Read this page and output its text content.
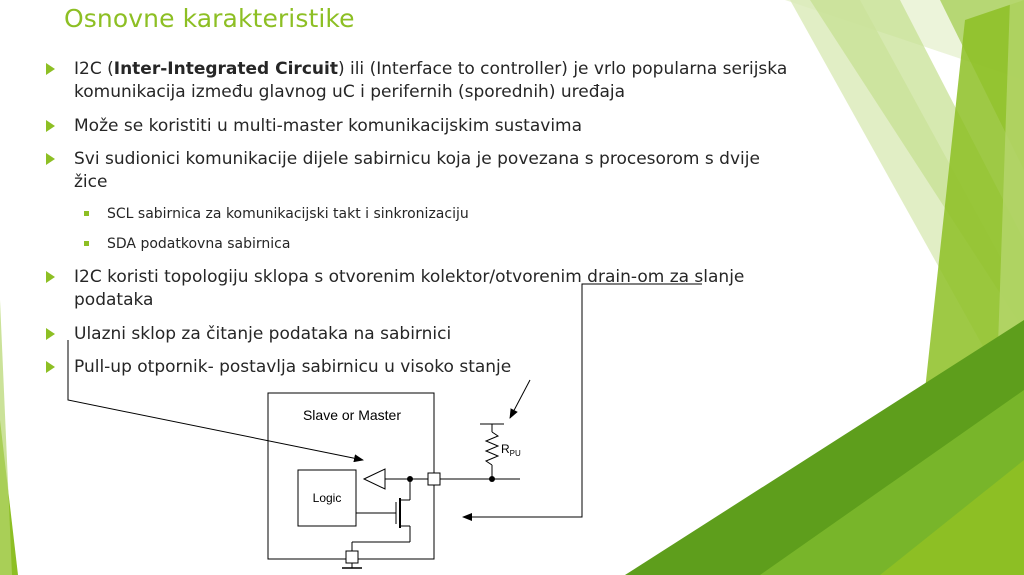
Osnovne karakteristike
I2C (Inter-Integrated Circuit) ili (Interface to controller) je vrlo popularna serijska komunikacija između glavnog uC i perifernih (sporednih) uređaja
Može se koristiti u multi-master komunikacijskim sustavima
Svi sudionici komunikacije dijele sabirnicu koja je povezana s procesorom s dvije žice
SCL sabirnica za komunikacijski takt i sinkronizaciju
SDA podatkovna sabirnica
I2C koristi topologiju sklopa s otvorenim kolektor/otvorenim drain-om za slanje podataka
Ulazni sklop za čitanje podataka na sabirnici
Pull-up otpornik- postavlja sabirnicu u visoko stanje
Slave or Master
Logic
$R_{PU}$
